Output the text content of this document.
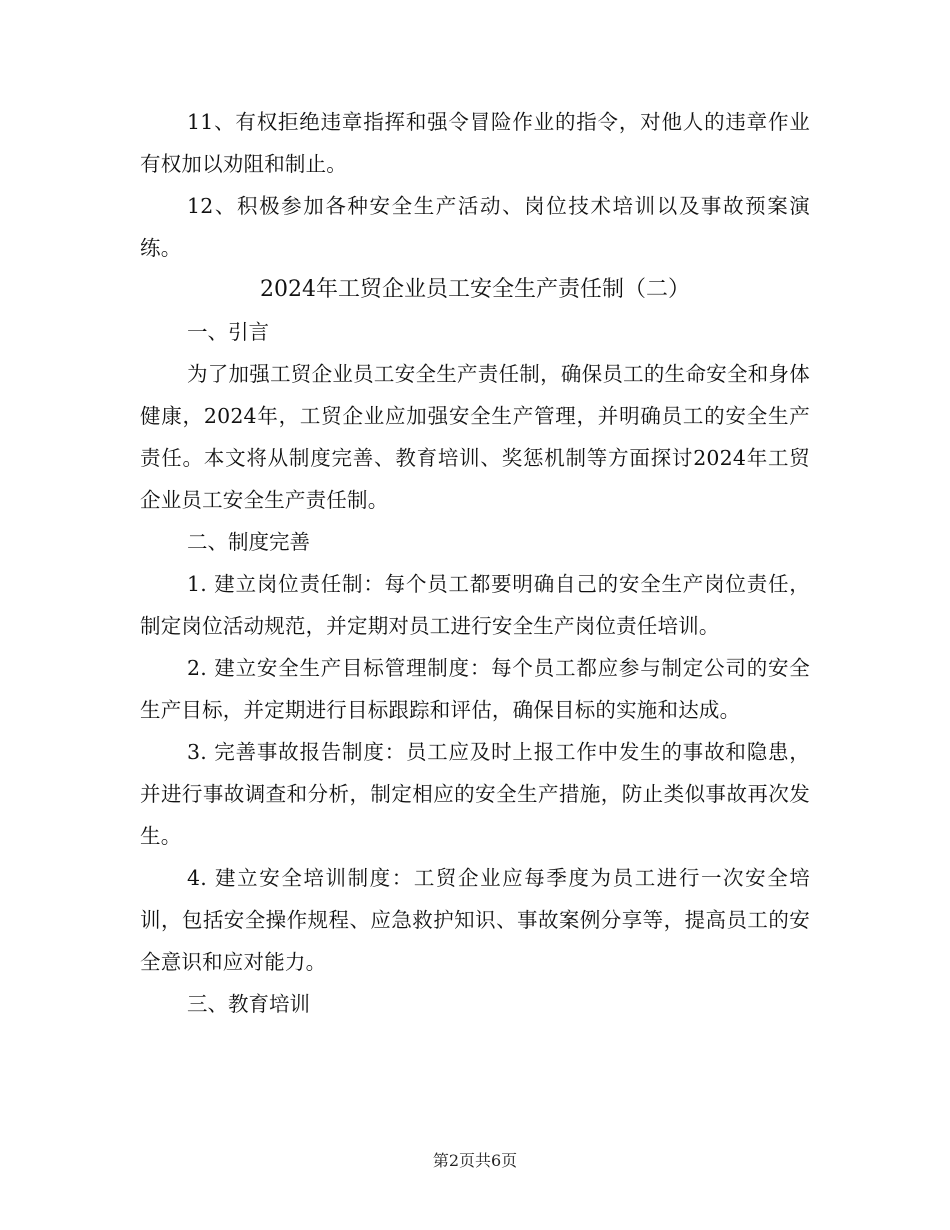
11、有权拒绝违章指挥和强令冒险作业的指令，对他人的违章作业有权加以劝阻和制止。

12、积极参加各种安全生产活动、岗位技术培训以及事故预案演练。

2024年工贸企业员工安全生产责任制（二）

一、引言

为了加强工贸企业员工安全生产责任制，确保员工的生命安全和身体健康，2024年，工贸企业应加强安全生产管理，并明确员工的安全生产责任。本文将从制度完善、教育培训、奖惩机制等方面探讨2024年工贸企业员工安全生产责任制。

二、制度完善

1. 建立岗位责任制：每个员工都要明确自己的安全生产岗位责任，制定岗位活动规范，并定期对员工进行安全生产岗位责任培训。

2. 建立安全生产目标管理制度：每个员工都应参与制定公司的安全生产目标，并定期进行目标跟踪和评估，确保目标的实施和达成。

3. 完善事故报告制度：员工应及时上报工作中发生的事故和隐患，并进行事故调查和分析，制定相应的安全生产措施，防止类似事故再次发生。

4. 建立安全培训制度：工贸企业应每季度为员工进行一次安全培训，包括安全操作规程、应急救护知识、事故案例分享等，提高员工的安全意识和应对能力。

三、教育培训

第2页共6页
